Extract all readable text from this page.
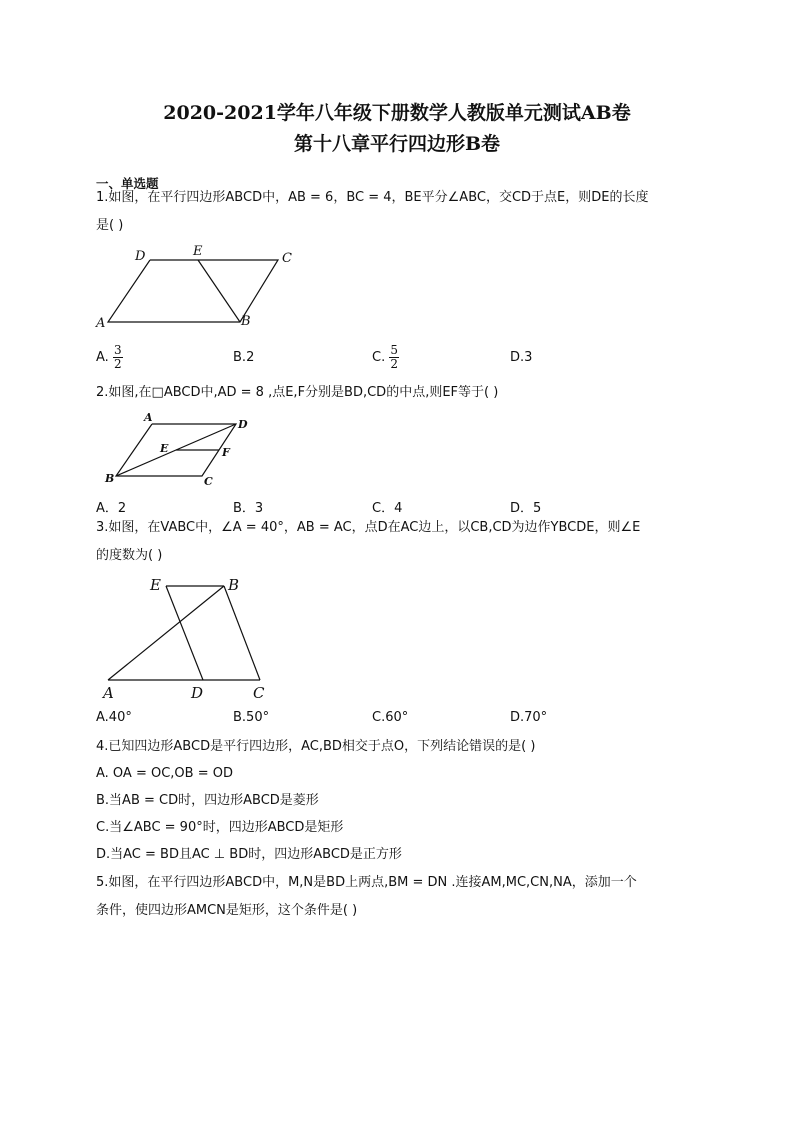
2020-2021学年八年级下册数学人教版单元测试AB卷
第十八章平行四边形B卷
一、单选题
1.如图，在平行四边形ABCD中，AB = 6，BC = 4，BE平分∠ABC，交CD于点E，则DE的长度
是( )
D	E	C
A	B
A. $\frac{3}{2}$	B.2	C. $\frac{5}{2}$	D.3
2.如图,在□ABCD中,AD = 8 ,点E,F分别是BD,CD的中点,则EF等于( )
A
D
E	F
B	C
A．2	B．3	C．4	D．5
3.如图，在VABC中，∠A = 40°，AB = AC，点D在AC边上，以CB,CD为边作YBCDE，则∠E
的度数为( )
E	B
A	D	C
A.40°	B.50°	C.60°	D.70°
4.已知四边形ABCD是平行四边形，AC,BD相交于点O，下列结论错误的是( )
A. OA = OC,OB = OD
B.当AB = CD时，四边形ABCD是菱形
C.当∠ABC = 90°时，四边形ABCD是矩形
D.当AC = BD且AC ⊥ BD时，四边形ABCD是正方形
5.如图，在平行四边形ABCD中，M,N是BD上两点,BM = DN .连接AM,MC,CN,NA，添加一个
条件，使四边形AMCN是矩形，这个条件是( )
